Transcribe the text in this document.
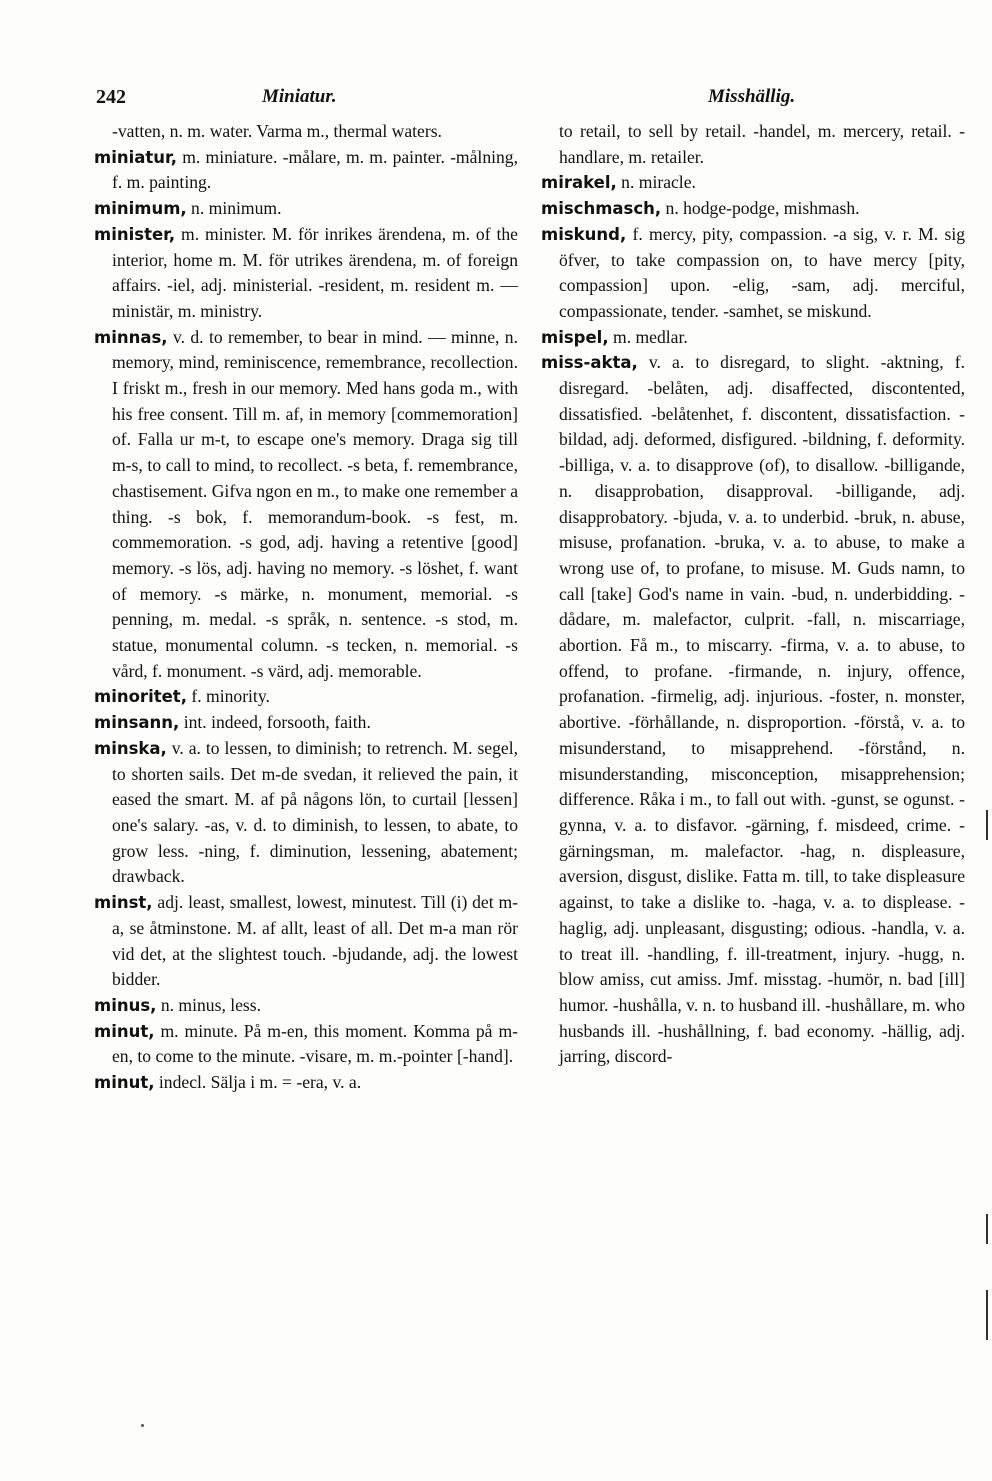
242	Miniatur.	Misshällig.

-vatten, n. m. water. Varma m., thermal waters.

miniatur, m. miniature. -målare, m. m. painter. -målning, f. m. painting.

minimum, n. minimum.

minister, m. minister. M. för inrikes ärendena, m. of the interior, home m. M. för utrikes ärendena, m. of foreign affairs. -iel, adj. ministerial. -resident, m. resident m. — ministär, m. ministry.

minnas, v. d. to remember, to bear in mind. — minne, n. memory, mind, reminiscence, remembrance, recollection. I friskt m., fresh in our memory. Med hans goda m., with his free consent. Till m. af, in memory [commemoration] of. Falla ur m-t, to escape one's memory. Draga sig till m-s, to call to mind, to recollect. -s beta, f. remembrance, chastisement. Gifva ngon en m., to make one remember a thing. -s bok, f. memorandum-book. -s fest, m. commemoration. -s god, adj. having a retentive [good] memory. -s lös, adj. having no memory. -s löshet, f. want of memory. -s märke, n. monument, memorial. -s penning, m. medal. -s språk, n. sentence. -s stod, m. statue, monumental column. -s tecken, n. memorial. -s vård, f. monument. -s värd, adj. memorable.

minoritet, f. minority.

minsann, int. indeed, forsooth, faith.

minska, v. a. to lessen, to diminish; to retrench. M. segel, to shorten sails. Det m-de svedan, it relieved the pain, it eased the smart. M. af på någons lön, to curtail [lessen] one's salary. -as, v. d. to diminish, to lessen, to abate, to grow less. -ning, f. diminution, lessening, abatement; drawback.

minst, adj. least, smallest, lowest, minutest. Till (i) det m-a, se åtminstone. M. af allt, least of all. Det m-a man rör vid det, at the slightest touch. -bjudande, adj. the lowest bidder.

minus, n. minus, less.

minut, m. minute. På m-en, this moment. Komma på m-en, to come to the minute. -visare, m. m.-pointer [-hand].

minut, indecl. Sälja i m. = -era, v. a.

to retail, to sell by retail. -handel, m. mercery, retail. -handlare, m. retailer.

mirakel, n. miracle.

mischmasch, n. hodge-podge, mishmash.

miskund, f. mercy, pity, compassion. -a sig, v. r. M. sig öfver, to take compassion on, to have mercy [pity, compassion] upon. -elig, -sam, adj. merciful, compassionate, tender. -samhet, se miskund.

mispel, m. medlar.

miss-akta, v. a. to disregard, to slight. -aktning, f. disregard. -belåten, adj. disaffected, discontented, dissatisfied. -belåtenhet, f. discontent, dissatisfaction. -bildad, adj. deformed, disfigured. -bildning, f. deformity. -billiga, v. a. to disapprove (of), to disallow. -billigande, n. disapprobation, disapproval. -billigande, adj. disapprobatory. -bjuda, v. a. to underbid. -bruk, n. abuse, misuse, profanation. -bruka, v. a. to abuse, to make a wrong use of, to profane, to misuse. M. Guds namn, to call [take] God's name in vain. -bud, n. underbidding. -dådare, m. malefactor, culprit. -fall, n. miscarriage, abortion. Få m., to miscarry. -firma, v. a. to abuse, to offend, to profane. -firmande, n. injury, offence, profanation. -firmelig, adj. injurious. -foster, n. monster, abortive. -förhållande, n. disproportion. -förstå, v. a. to misunderstand, to misapprehend. -förstånd, n. misunderstanding, misconception, misapprehension; difference. Råka i m., to fall out with. -gunst, se ogunst. -gynna, v. a. to disfavor. -gärning, f. misdeed, crime. -gärningsman, m. malefactor. -hag, n. displeasure, aversion, disgust, dislike. Fatta m. till, to take displeasure against, to take a dislike to. -haga, v. a. to displease. -haglig, adj. unpleasant, disgusting; odious. -handla, v. a. to treat ill. -handling, f. ill-treatment, injury. -hugg, n. blow amiss, cut amiss. Jmf. misstag. -humör, n. bad [ill] humor. -hushålla, v. n. to husband ill. -hushållare, m. who husbands ill. -hushållning, f. bad economy. -hällig, adj. jarring, discord-
